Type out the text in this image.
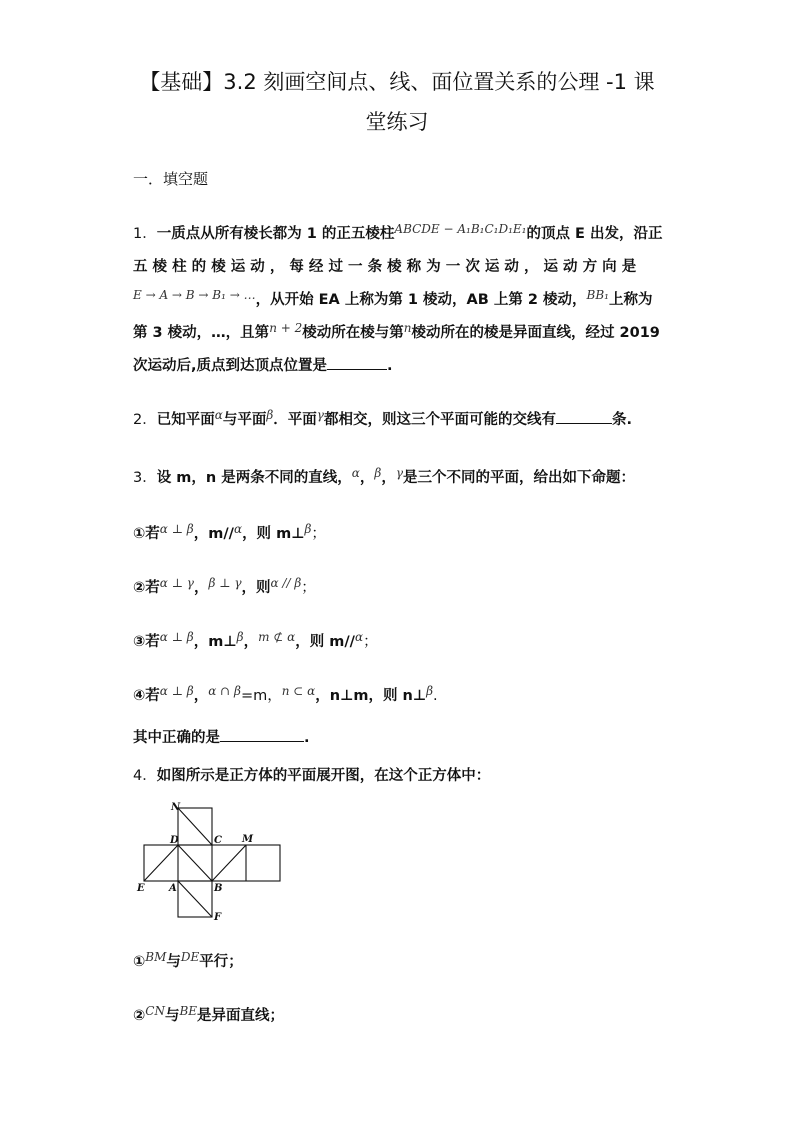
【基础】3.2 刻画空间点、线、面位置关系的公理 -1 课
堂练习
一．填空题
1．一质点从所有棱长都为 1 的正五棱柱$^{ABCDE - A_1B_1C_1D_1E_1}$的顶点 E 出发，沿正
五 棱 柱 的 棱 运 动 ， 每 经 过 一 条 棱 称 为 一 次 运 动 ， 运 动 方 向 是
$^{E \to A \to B \to B_1 \to \dots}$，从开始 EA 上称为第 1 棱动，AB 上第 2 棱动，$^{BB_1}$上称为
第 3 棱动，…，且第$^{n + 2}$棱动所在棱与第$^n$棱动所在的棱是异面直线，经过 2019
次运动后,质点到达顶点位置是	.
2．已知平面$^\alpha$与平面$^\beta$．平面$^\gamma$都相交，则这三个平面可能的交线有	条.
3．设 m，n 是两条不同的直线，$^\alpha$，$^\beta$，$^\gamma$是三个不同的平面，给出如下命题：
①若$^{\alpha \perp \beta}$，m//$^\alpha$，则 m⊥$^\beta$；
②若$^{\alpha \perp \gamma}$，$^{\beta \perp \gamma}$，则$^{\alpha // \beta}$；
③若$^{\alpha \perp \beta}$，m⊥$^\beta$，$^{m ⊄ \alpha}$，则 m//$^\alpha$；
④若$^{\alpha \perp \beta}$，$^{\alpha \cap \beta}$=m，$^{n \subset \alpha}$，n⊥m，则 n⊥$^\beta$.
其中正确的是	.
4．如图所示是正方体的平面展开图，在这个正方体中：
N
D	C M
E A	B
F
①$^{BM}$与$^{DE}$平行；
②$^{CN}$与$^{BE}$是异面直线；
